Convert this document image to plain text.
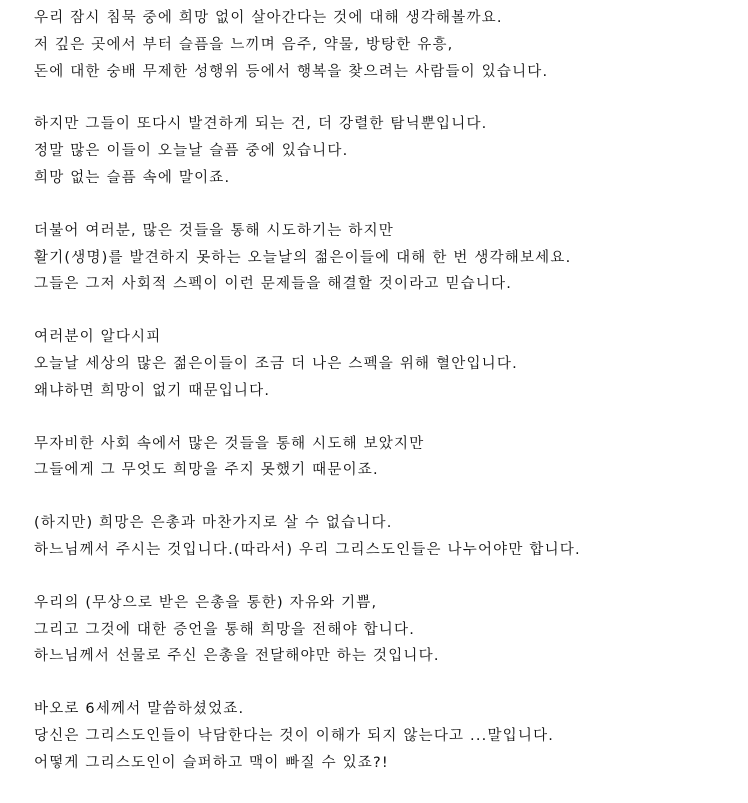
우리 잠시 침묵 중에 희망 없이 살아간다는 것에 대해 생각해볼까요.
저 깊은 곳에서 부터 슬픔을 느끼며 음주, 약물, 방탕한 유흥,
돈에 대한 숭배 무제한 성행위 등에서 행복을 찾으려는 사람들이 있습니다.
하지만 그들이 또다시 발견하게 되는 건, 더 강렬한 탐닉뿐입니다.
정말 많은 이들이 오늘날 슬픔 중에 있습니다.
희망 없는 슬픔 속에 말이죠.
더불어 여러분, 많은 것들을 통해 시도하기는 하지만
활기(생명)를 발견하지 못하는 오늘날의 젊은이들에 대해 한 번 생각해보세요.
그들은 그저 사회적 스펙이 이런 문제들을 해결할 것이라고 믿습니다.
여러분이 알다시피
오늘날 세상의 많은 젊은이들이 조금 더 나은 스펙을 위해 혈안입니다.
왜냐하면 희망이 없기 때문입니다.
무자비한 사회 속에서 많은 것들을 통해 시도해 보았지만
그들에게 그 무엇도 희망을 주지 못했기 때문이죠.
(하지만) 희망은 은총과 마찬가지로 살 수 없습니다.
하느님께서 주시는 것입니다.(따라서) 우리 그리스도인들은 나누어야만 합니다.
우리의 (무상으로 받은 은총을 통한) 자유와 기쁨,
그리고 그것에 대한 증언을 통해 희망을 전해야 합니다.
하느님께서 선물로 주신 은총을 전달해야만 하는 것입니다.
바오로 6세께서 말씀하셨었죠.
당신은 그리스도인들이 낙담한다는 것이 이해가 되지 않는다고 ...말입니다.
어떻게 그리스도인이 슬퍼하고 맥이 빠질 수 있죠?!
